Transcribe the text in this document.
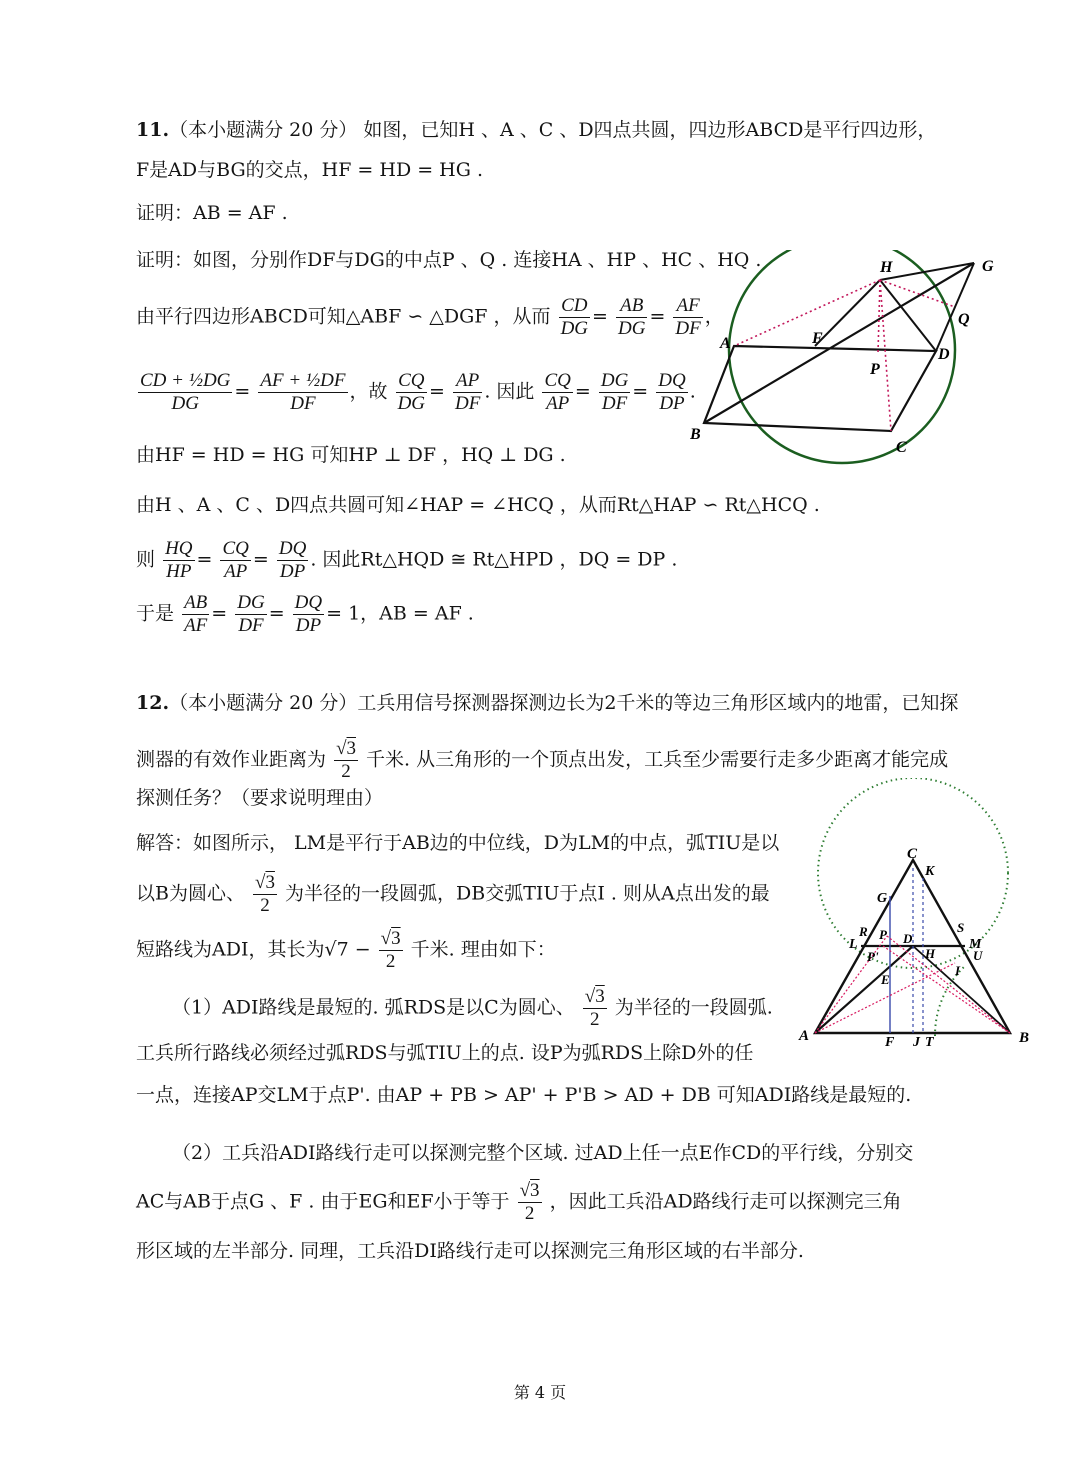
11.（本小题满分 20 分） 如图，已知H 、A 、C 、D四点共圆，四边形ABCD是平行四边形，
F是AD与BG的交点，HF = HD = HG .
证明：AB = AF .
证明：如图，分别作DF与DG的中点P 、Q . 连接HA 、HP 、HC 、HQ .
由平行四边形ABCD可知△ABF ∽ △DGF ，从而 $\frac{CD}{DG} = \frac{AB}{DG} = \frac{AF}{DF}$ ，
$\frac{\text{CD + ½DG}}{DG} = \frac{\text{AF + ½DF}}{DF}$ ，故 $\frac{CQ}{DG} = \frac{AP}{DF}$ . 因此 $\frac{CQ}{AP} = \frac{DG}{DF} = \frac{DQ}{DP}$ .
由HF = HD = HG 可知HP ⊥ DF ，HQ ⊥ DG .
由H 、A 、C 、D四点共圆可知∠HAP = ∠HCQ ，从而Rt△HAP ∽ Rt△HCQ .
则 $\frac{HQ}{HP} = \frac{CQ}{AP} = \frac{DQ}{DP}$ . 因此Rt△HQD ≅ Rt△HPD ，DQ = DP .
于是 $\frac{AB}{AF} = \frac{DG}{DF} = \frac{DQ}{DP} = 1$，AB = AF .
H	G
Q
A	F
D
P
B
C
12.（本小题满分 20 分）工兵用信号探测器探测边长为2千米的等边三角形区域内的地雷，已知探
测器的有效作业距离为 $\frac{√3}{2}$ 千米. 从三角形的一个顶点出发，工兵至少需要行走多少距离才能完成
探测任务？（要求说明理由）
解答：如图所示， LM是平行于AB边的中位线，D为LM的中点，弧TIU是以
以B为圆心、 $\frac{√3}{2}$ 为半径的一段圆弧，DB交弧TIU于点I . 则从A点出发的最
短路线为ADI，其长为$√7 - \frac{√3}{2}$ 千米. 理由如下：
（1）ADI路线是最短的. 弧RDS是以C为圆心、 $\frac{√3}{2}$ 为半径的一段圆弧.
工兵所行路线必须经过弧RDS与弧TIU上的点. 设P为弧RDS上除D外的任
一点，连接AP交LM于点P'. 由AP + PB > AP' + P'B > AD + DB 可知ADI路线是最短的.
（2）工兵沿ADI路线行走可以探测完整个区域. 过AD上任一点E作CD的平行线，分别交
AC与AB于点G 、F . 由于EG和EF小于等于 $\frac{√3}{2}$ ，因此工兵沿AD路线行走可以探测完三角
形区域的左半部分. 同理，工兵沿DI路线行走可以探测完三角形区域的右半部分.
C
K
G
R P D
S
L	M
P'	H	U
E
I
A	F J T	B
第 4 页
